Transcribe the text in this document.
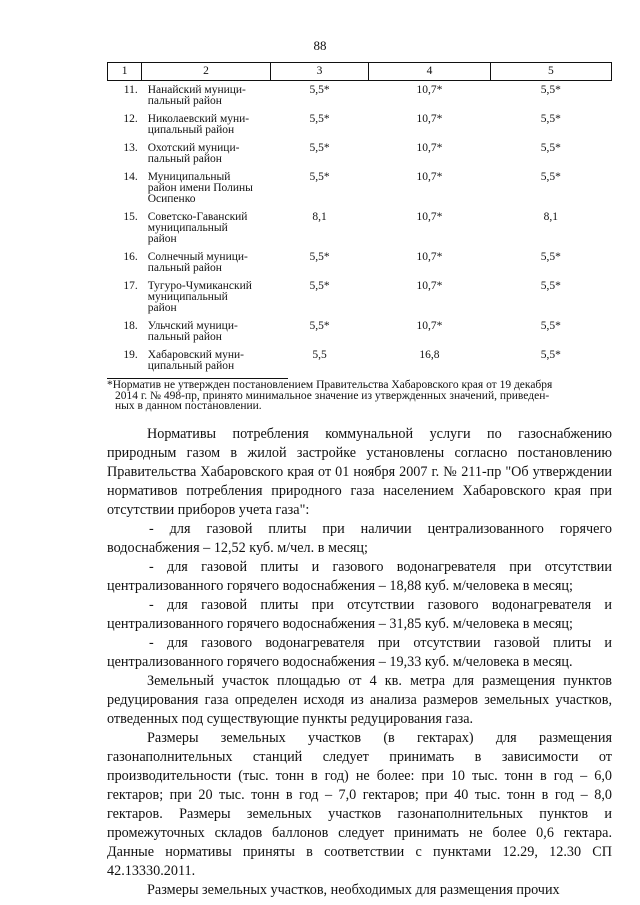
88
1	2	3	4	5
11.	Нанайский муници-
пальный район	5,5*	10,7*	5,5*
12.	Николаевский муни-
ципальный район	5,5*	10,7*	5,5*
13.	Охотский муници-
пальный район	5,5*	10,7*	5,5*
14.	Муниципальный
район имени Полины
Осипенко	5,5*	10,7*	5,5*
15.	Советско-Гаванский
муниципальный
район	8,1	10,7*	8,1
16.	Солнечный муници-
пальный район	5,5*	10,7*	5,5*
17.	Тугуро-Чумиканский
муниципальный
район	5,5*	10,7*	5,5*
18.	Ульчский муници-
пальный район	5,5*	10,7*	5,5*
19.	Хабаровский муни-
ципальный район	5,5	16,8	5,5*
*Норматив не утвержден постановлением Правительства Хабаровского края от 19 декабря
2014 г. № 498-пр, принято минимальное значение из утвержденных значений, приведен-
ных в данном постановлении.

Нормативы потребления коммунальной услуги по газоснабжению природным газом в жилой застройке установлены согласно постановлению Правительства Хабаровского края от 01 ноября 2007 г. № 211-пр "Об утверждении нормативов потребления природного газа населением Хабаровского края при отсутствии приборов учета газа":

- для газовой плиты при наличии централизованного горячего водоснабжения – 12,52 куб. м/чел. в месяц;

- для газовой плиты и газового водонагревателя при отсутствии централизованного горячего водоснабжения – 18,88 куб. м/человека в месяц;

- для газовой плиты при отсутствии газового водонагревателя и централизованного горячего водоснабжения – 31,85 куб. м/человека в месяц;

- для газового водонагревателя при отсутствии газовой плиты и централизованного горячего водоснабжения – 19,33 куб. м/человека в месяц.

Земельный участок площадью от 4 кв. метра для размещения пунктов редуцирования газа определен исходя из анализа размеров земельных участков, отведенных под существующие пункты редуцирования газа.

Размеры земельных участков (в гектарах) для размещения газонаполнительных станций следует принимать в зависимости от производительности (тыс. тонн в год) не более: при 10 тыс. тонн в год – 6,0 гектаров; при 20 тыс. тонн в год – 7,0 гектаров; при 40 тыс. тонн в год – 8,0 гектаров. Размеры земельных участков газонаполнительных пунктов и промежуточных складов баллонов следует принимать не более 0,6 гектара. Данные нормативы приняты в соответствии с пунктами 12.29, 12.30 СП 42.13330.2011.

Размеры земельных участков, необходимых для размещения прочих
